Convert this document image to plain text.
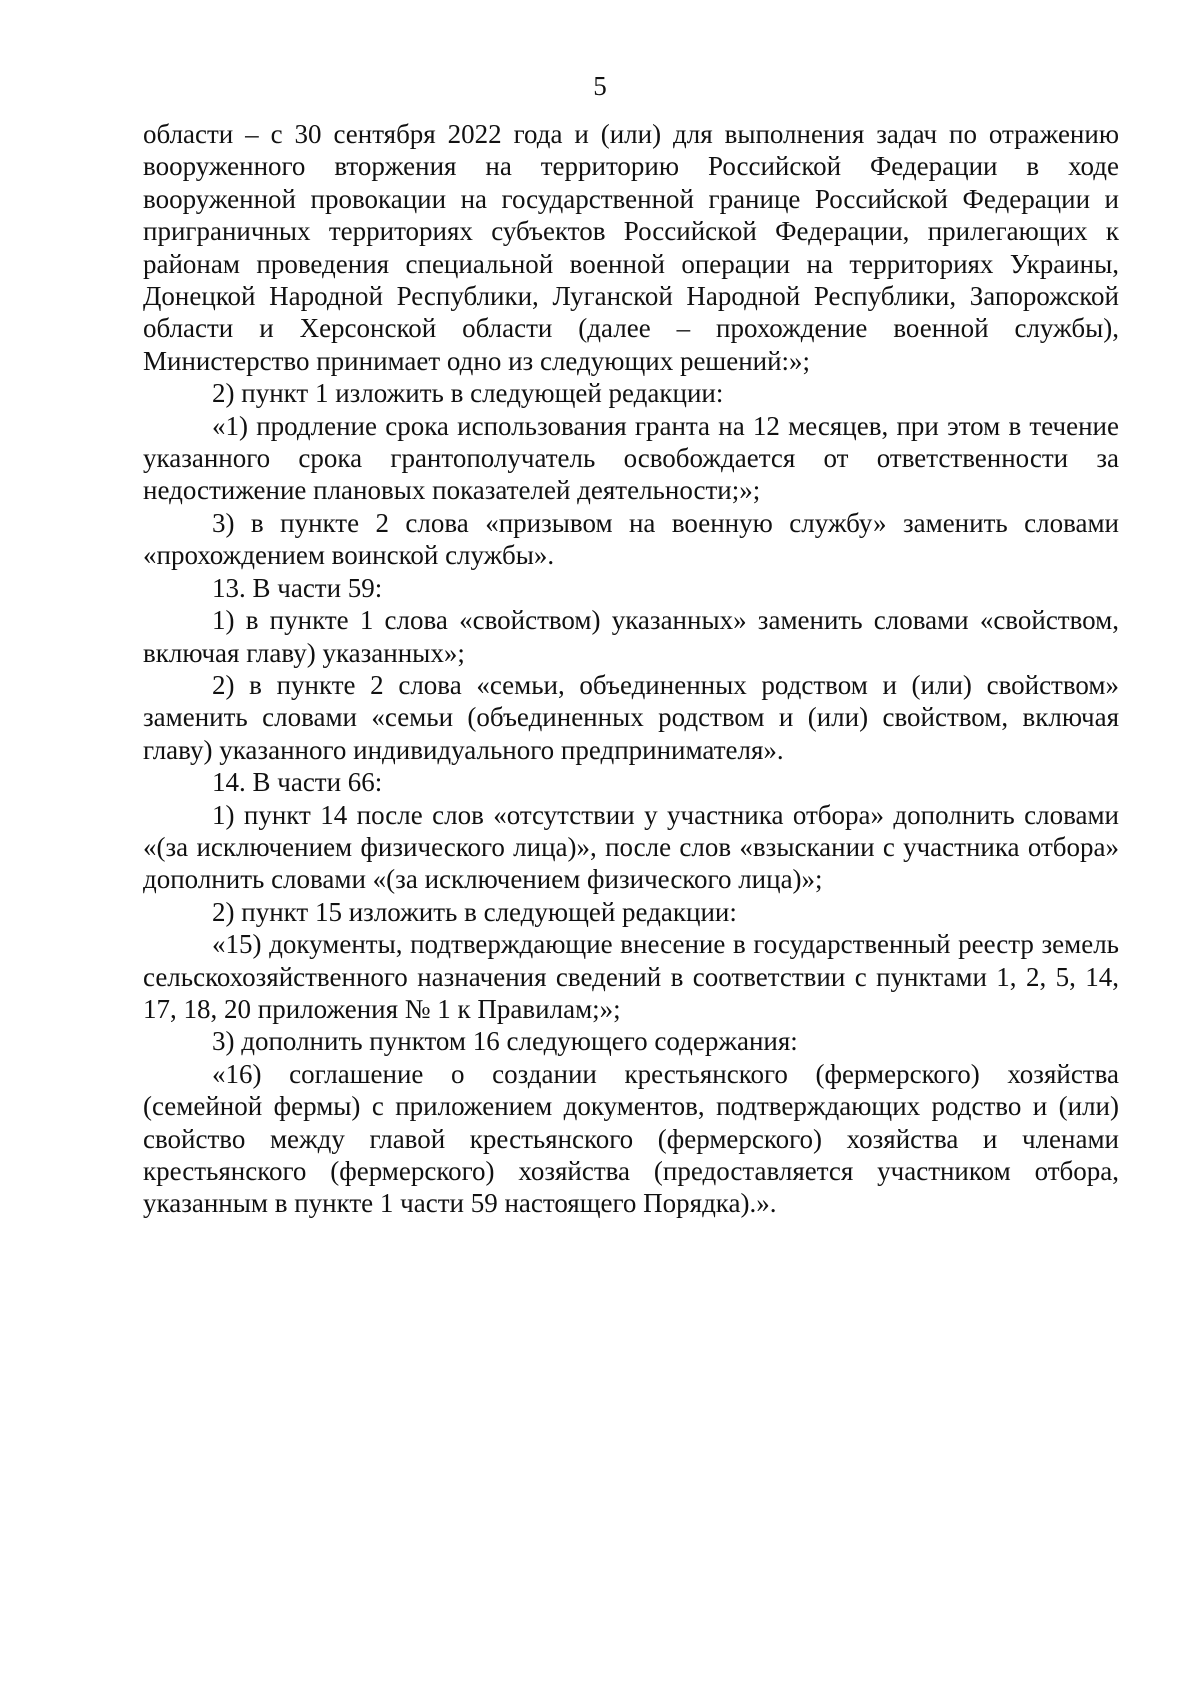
5

области – с 30 сентября 2022 года и (или) для выполнения задач по отражению вооруженного вторжения на территорию Российской Федерации в ходе вооруженной провокации на государственной границе Российской Федерации и приграничных территориях субъектов Российской Федерации, прилегающих к районам проведения специальной военной операции на территориях Украины, Донецкой Народной Республики, Луганской Народной Республики, Запорожской области и Херсонской области (далее – прохождение военной службы), Министерство принимает одно из следующих решений:»;

2) пункт 1 изложить в следующей редакции:

«1) продление срока использования гранта на 12 месяцев, при этом в течение указанного срока грантополучатель освобождается от ответственности за недостижение плановых показателей деятельности;»;

3) в пункте 2 слова «призывом на военную службу» заменить словами «прохождением воинской службы».

13. В части 59:

1) в пункте 1 слова «свойством) указанных» заменить словами «свойством, включая главу) указанных»;

2) в пункте 2 слова «семьи, объединенных родством и (или) свойством» заменить словами «семьи (объединенных родством и (или) свойством, включая главу) указанного индивидуального предпринимателя».

14. В части 66:

1) пункт 14 после слов «отсутствии у участника отбора» дополнить словами «(за исключением физического лица)», после слов «взыскании с участника отбора» дополнить словами «(за исключением физического лица)»;

2) пункт 15 изложить в следующей редакции:

«15) документы, подтверждающие внесение в государственный реестр земель сельскохозяйственного назначения сведений в соответствии с пунктами 1, 2, 5, 14, 17, 18, 20 приложения № 1 к Правилам;»;

3) дополнить пунктом 16 следующего содержания:

«16) соглашение о создании крестьянского (фермерского) хозяйства (семейной фермы) с приложением документов, подтверждающих родство и (или) свойство между главой крестьянского (фермерского) хозяйства и членами крестьянского (фермерского) хозяйства (предоставляется участником отбора, указанным в пункте 1 части 59 настоящего Порядка).».
